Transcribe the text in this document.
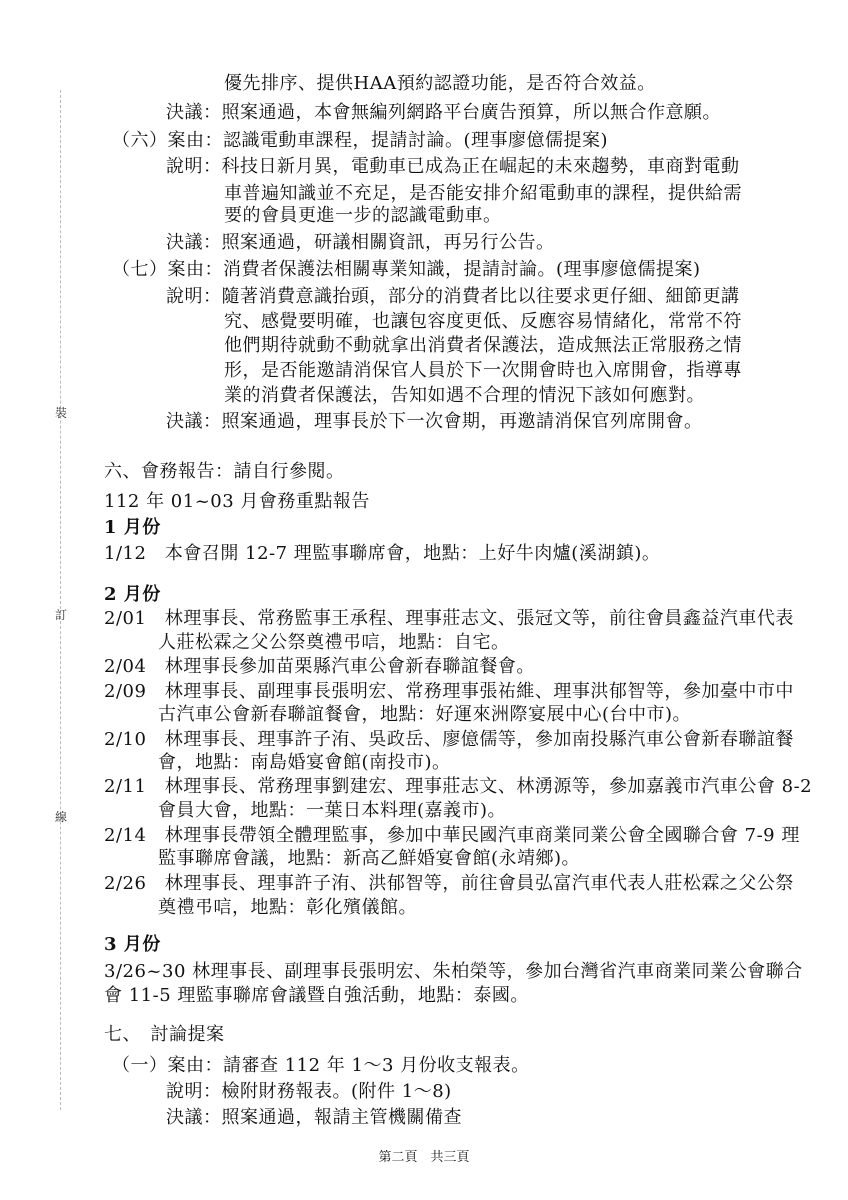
裝
訂
線
優先排序、提供HAA預約認證功能，是否符合效益。
決議：照案通過，本會無編列網路平台廣告預算，所以無合作意願。
（六）案由：認識電動車課程，提請討論。(理事廖億儒提案)
說明：科技日新月異，電動車已成為正在崛起的未來趨勢，車商對電動
車普遍知識並不充足，是否能安排介紹電動車的課程，提供給需
要的會員更進一步的認識電動車。
決議：照案通過，研議相關資訊，再另行公告。
（七）案由：消費者保護法相關專業知識，提請討論。(理事廖億儒提案)
說明：隨著消費意識抬頭，部分的消費者比以往要求更仔細、細節更講
究、感覺要明確，也讓包容度更低、反應容易情緒化，常常不符
他們期待就動不動就拿出消費者保護法，造成無法正常服務之情
形，是否能邀請消保官人員於下一次開會時也入席開會，指導專
業的消費者保護法，告知如遇不合理的情況下該如何應對。
決議：照案通過，理事長於下一次會期，再邀請消保官列席開會。
六、會務報告：請自行參閱。
112 年 01~03 月會務重點報告
1 月份
1/12　本會召開 12-7 理監事聯席會，地點：上好牛肉爐(溪湖鎮)。
2 月份
2/01　林理事長、常務監事王承程、理事莊志文、張冠文等，前往會員鑫益汽車代表
人莊松霖之父公祭奠禮弔唁，地點：自宅。
2/04　林理事長參加苗栗縣汽車公會新春聯誼餐會。
2/09　林理事長、副理事長張明宏、常務理事張祐維、理事洪郁智等，參加臺中市中
古汽車公會新春聯誼餐會，地點：好運來洲際宴展中心(台中市)。
2/10　林理事長、理事許子洧、吳政岳、廖億儒等，參加南投縣汽車公會新春聯誼餐
會，地點：南島婚宴會館(南投市)。
2/11　林理事長、常務理事劉建宏、理事莊志文、林湧源等，參加嘉義市汽車公會 8-2
會員大會，地點：一葉日本料理(嘉義市)。
2/14　林理事長帶領全體理監事，參加中華民國汽車商業同業公會全國聯合會 7-9 理
監事聯席會議，地點：新高乙鮮婚宴會館(永靖鄉)。
2/26　林理事長、理事許子洧、洪郁智等，前往會員弘富汽車代表人莊松霖之父公祭
奠禮弔唁，地點：彰化殯儀館。
3 月份
3/26~30 林理事長、副理事長張明宏、朱柏榮等，參加台灣省汽車商業同業公會聯合
會 11-5 理監事聯席會議暨自強活動，地點：泰國。
七、　討論提案
（一）案由：請審查 112 年 1～3 月份收支報表。
說明：檢附財務報表。(附件 1～8)
決議：照案通過，報請主管機關備查
第二頁　共三頁
